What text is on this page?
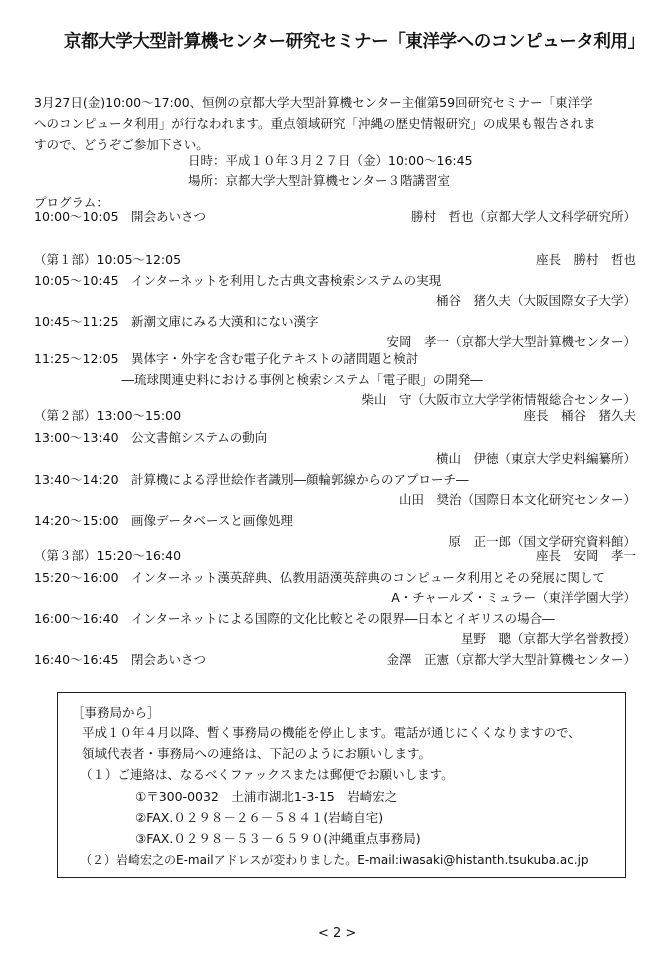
京都大学大型計算機センター研究セミナー「東洋学へのコンピュータ利用」
3月27日(金)10:00～17:00、恒例の京都大学大型計算機センター主催第59回研究セミナー「東洋学
へのコンピュータ利用」が行なわれます。重点領域研究「沖縄の歴史情報研究」の成果も報告されま
すので、どうぞご参加下さい。
日時：平成１０年３月２７日（金）10:00～16:45
場所：京都大学大型計算機センター３階講習室
プログラム：
10:00～10:05　開会あいさつ	勝村　哲也（京都大学人文科学研究所）
（第１部）10:05～12:05	座長　勝村　哲也
10:05～10:45　インターネットを利用した古典文書検索システムの実現
桶谷　猪久夫（大阪国際女子大学）
10:45～11:25　新潮文庫にみる大漢和にない漢字
安岡　孝一（京都大学大型計算機センター）
11:25～12:05　異体字・外字を含む電子化テキストの諸問題と検討
　　　　　　　―琉球関連史料における事例と検索システム「電子眼」の開発―
柴山　守（大阪市立大学学術情報総合センター）
（第２部）13:00～15:00	座長　桶谷　猪久夫
13:00～13:40　公文書館システムの動向
横山　伊徳（東京大学史料編纂所）
13:40～14:20　計算機による浮世絵作者識別―顔輪郭線からのアプローチ―
山田　奨治（国際日本文化研究センター）
14:20～15:00　画像データベースと画像処理
原　正一郎（国文学研究資料館）
（第３部）15:20～16:40	座長　安岡　孝一
15:20～16:00　インターネット漢英辞典、仏教用語漢英辞典のコンピュータ利用とその発展に関して
A・チャールズ・ミュラー（東洋学園大学）
16:00～16:40　インターネットによる国際的文化比較とその限界―日本とイギリスの場合―
星野　聰（京都大学名誉教授）
16:40～16:45　閉会あいさつ	金澤　正憲（京都大学大型計算機センター）
［事務局から］
平成１０年４月以降、暫く事務局の機能を停止します。電話が通じにくくなりますので、
領域代表者・事務局への連絡は、下記のようにお願いします。
（１）ご連絡は、なるべくファックスまたは郵便でお願いします。
①〒300-0032　土浦市湖北1-3-15　岩崎宏之
②FAX.０２９８－２６－５８４１(岩崎自宅)
③FAX.０２９８－５３－６５９０(沖縄重点事務局)
（２）岩崎宏之のE-mailアドレスが変わりました。E-mail:iwasaki@histanth.tsukuba.ac.jp
< 2 >
